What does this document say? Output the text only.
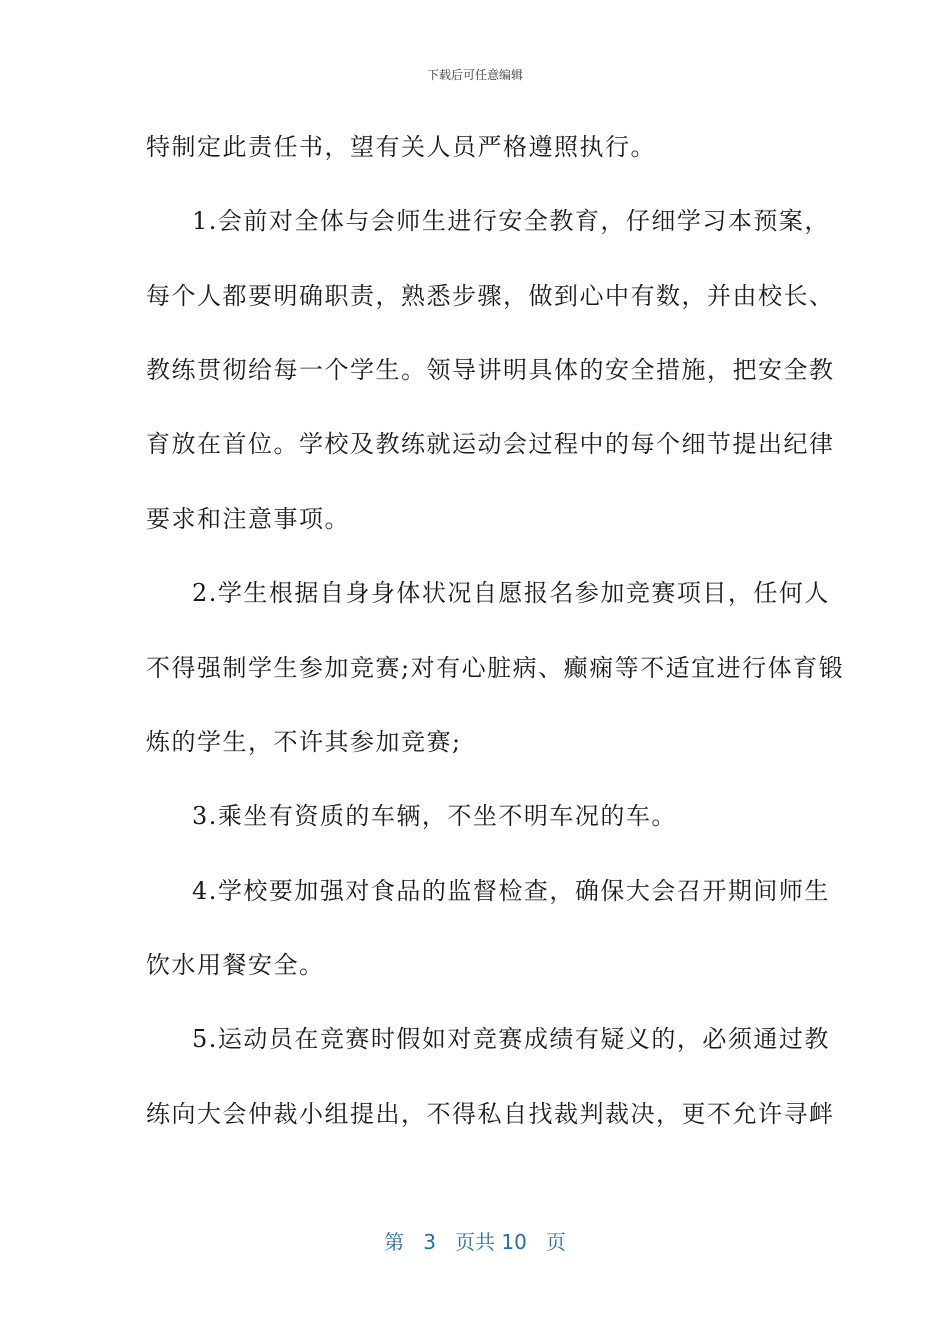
下载后可任意编辑
特制定此责任书，望有关人员严格遵照执行。
1.会前对全体与会师生进行安全教育，仔细学习本预案，
每个人都要明确职责，熟悉步骤，做到心中有数，并由校长、
教练贯彻给每一个学生。领导讲明具体的安全措施，把安全教
育放在首位。学校及教练就运动会过程中的每个细节提出纪律
要求和注意事项。
2.学生根据自身身体状况自愿报名参加竞赛项目，任何人
不得强制学生参加竞赛;对有心脏病、癫痫等不适宜进行体育锻
炼的学生，不许其参加竞赛;
3.乘坐有资质的车辆，不坐不明车况的车。
4.学校要加强对食品的监督检查，确保大会召开期间师生
饮水用餐安全。
5.运动员在竞赛时假如对竞赛成绩有疑义的，必须通过教
练向大会仲裁小组提出，不得私自找裁判裁决，更不允许寻衅
第 3 页共 10 页
